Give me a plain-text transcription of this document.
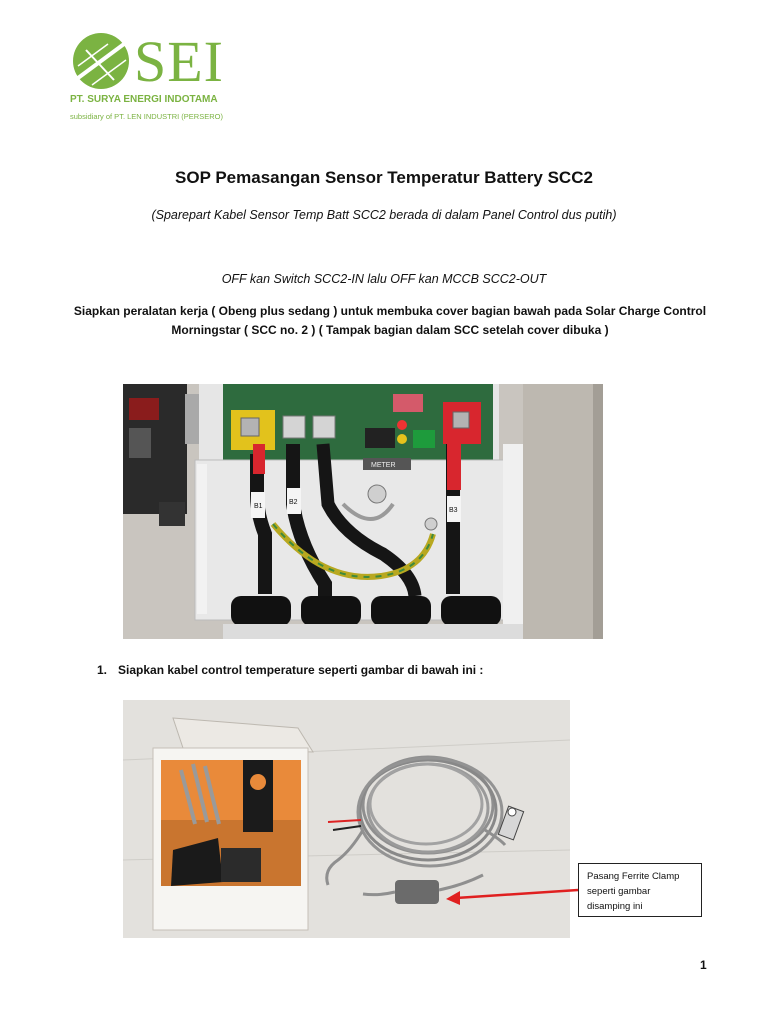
SEI
PT. SURYA ENERGI INDOTAMA
subsidiary of PT. LEN INDUSTRI (PERSERO)
SOP Pemasangan Sensor Temperatur Battery SCC2
(Sparepart Kabel Sensor Temp Batt SCC2 berada di dalam Panel Control dus putih)
OFF kan Switch SCC2-IN lalu OFF kan MCCB SCC2-OUT
Siapkan peralatan kerja ( Obeng plus sedang ) untuk membuka cover bagian bawah pada Solar Charge Control Morningstar ( SCC no. 2 ) ( Tampak bagian dalam SCC setelah cover dibuka )
METER
B1
B2
B3
1. Siapkan kabel control temperature seperti gambar di bawah ini :
Pasang Ferrite Clamp seperti gambar disamping ini
1
